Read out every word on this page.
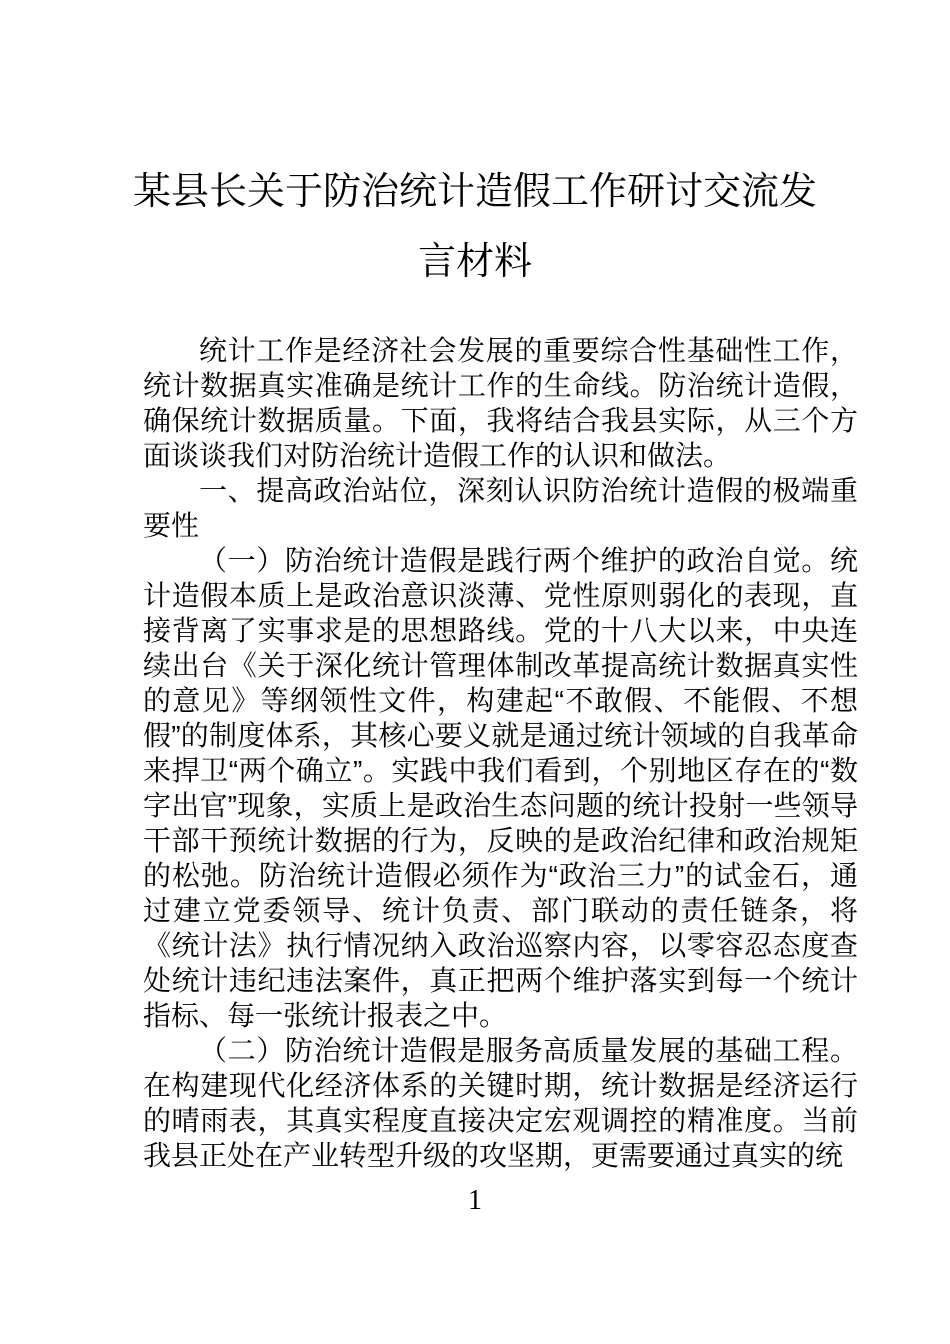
某县长关于防治统计造假工作研讨交流发言材料

统计工作是经济社会发展的重要综合性基础性工作，统计数据真实准确是统计工作的生命线。防治统计造假，确保统计数据质量。下面，我将结合我县实际，从三个方面谈谈我们对防治统计造假工作的认识和做法。

一、提高政治站位，深刻认识防治统计造假的极端重要性

（一）防治统计造假是践行两个维护的政治自觉。统计造假本质上是政治意识淡薄、党性原则弱化的表现，直接背离了实事求是的思想路线。党的十八大以来，中央连续出台《关于深化统计管理体制改革提高统计数据真实性的意见》等纲领性文件，构建起“不敢假、不能假、不想假”的制度体系，其核心要义就是通过统计领域的自我革命来捍卫“两个确立”。实践中我们看到，个别地区存在的“数字出官”现象，实质上是政治生态问题的统计投射一些领导干部干预统计数据的行为，反映的是政治纪律和政治规矩的松弛。防治统计造假必须作为“政治三力”的试金石，通过建立党委领导、统计负责、部门联动的责任链条，将《统计法》执行情况纳入政治巡察内容，以零容忍态度查处统计违纪违法案件，真正把两个维护落实到每一个统计指标、每一张统计报表之中。

（二）防治统计造假是服务高质量发展的基础工程。在构建现代化经济体系的关键时期，统计数据是经济运行的晴雨表，其真实程度直接决定宏观调控的精准度。当前我县正处在产业转型升级的攻坚期，更需要通过真实的统

1
